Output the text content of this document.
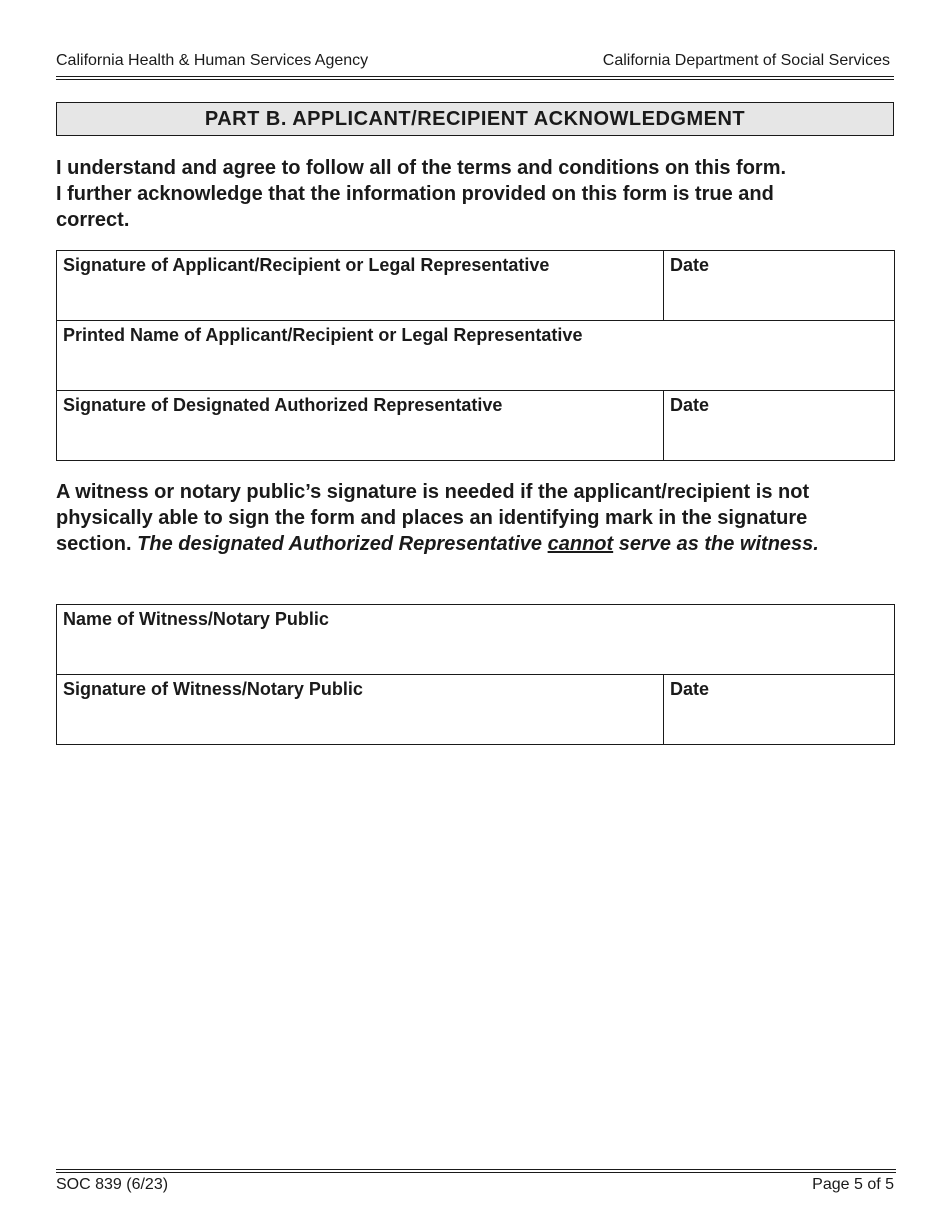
California Health & Human Services Agency	California Department of Social Services
PART B. APPLICANT/RECIPIENT ACKNOWLEDGMENT
I understand and agree to follow all of the terms and conditions on this form.
I further acknowledge that the information provided on this form is true and
correct.
Signature of Applicant/Recipient or Legal Representative	Date
Printed Name of Applicant/Recipient or Legal Representative	
Signature of Designated Authorized Representative	Date
A witness or notary public’s signature is needed if the applicant/recipient is not
physically able to sign the form and places an identifying mark in the signature
section. The designated Authorized Representative cannot serve as the witness.
Name of Witness/Notary Public
Signature of Witness/Notary Public	Date
SOC 839 (6/23)	Page 5 of 5
